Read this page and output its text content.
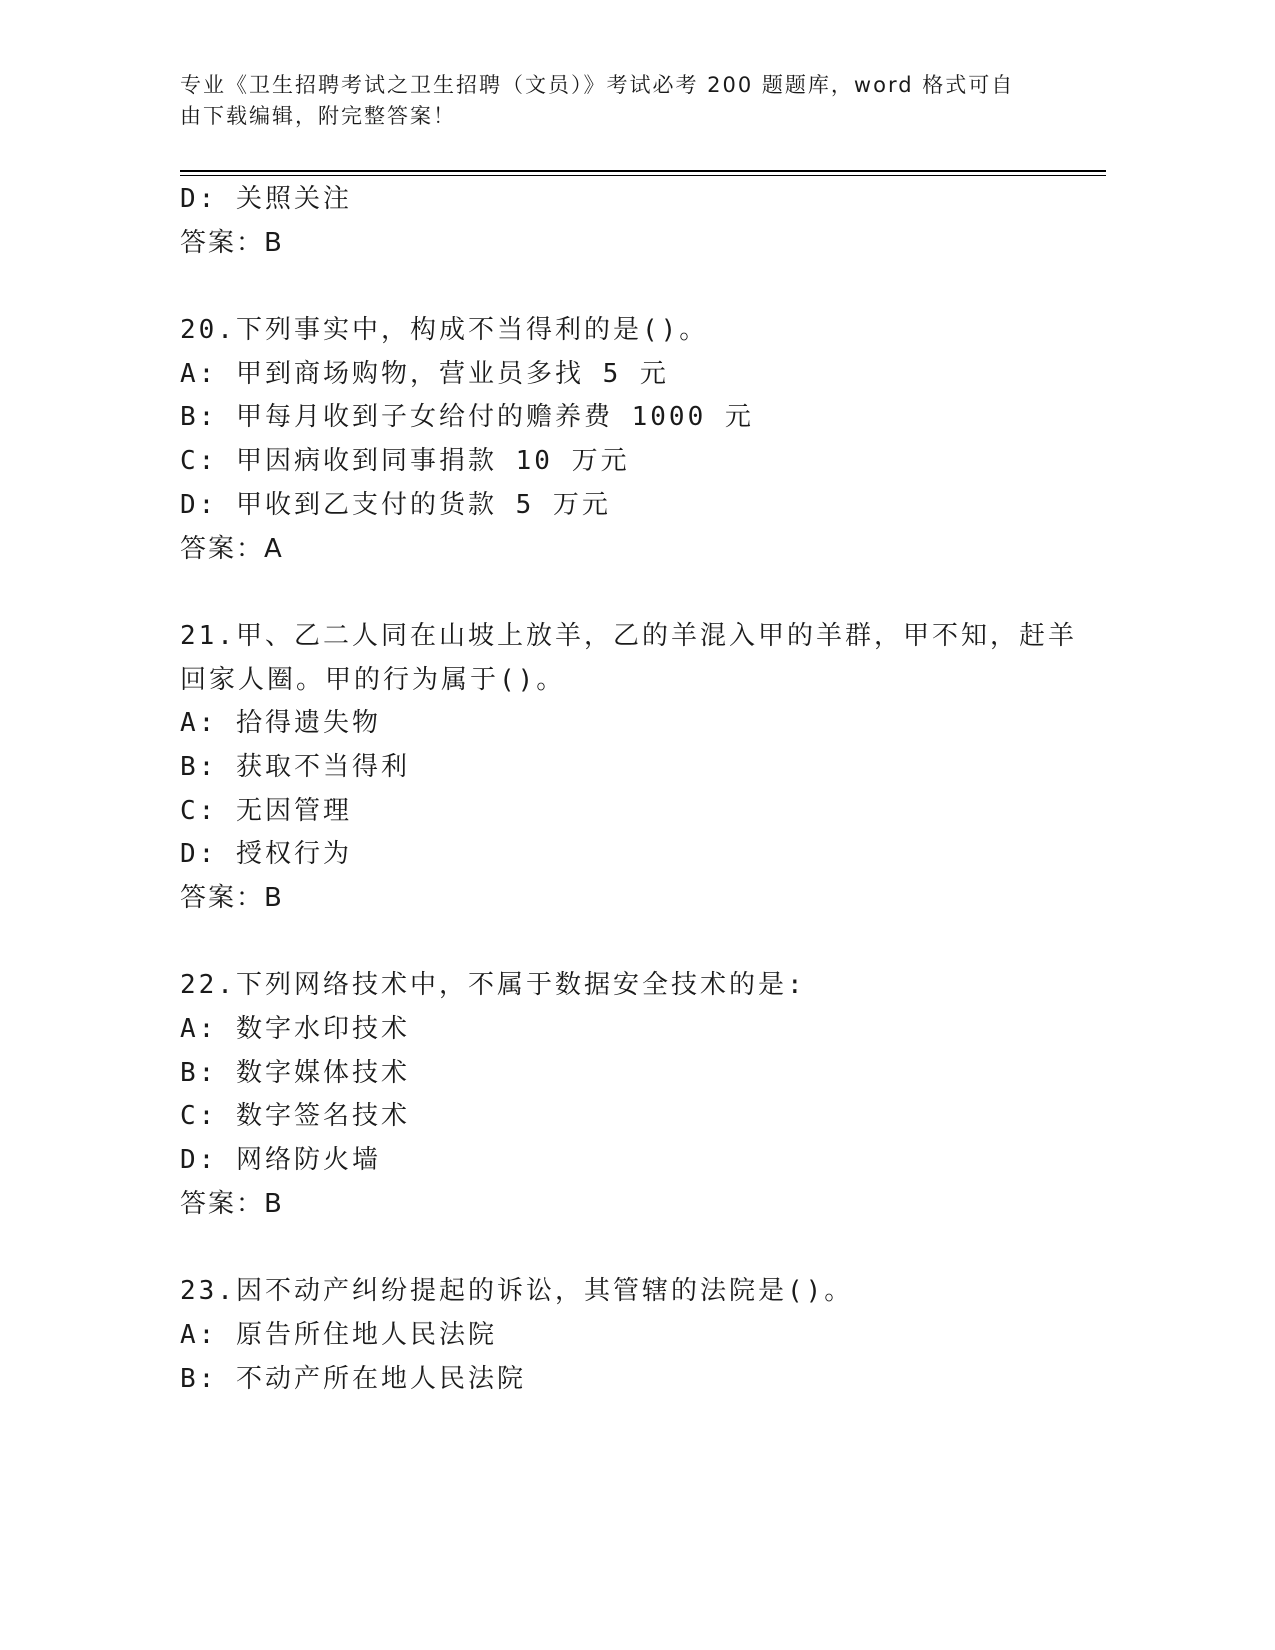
专业《卫生招聘考试之卫生招聘（文员）》考试必考 200 题题库，word 格式可自
由下载编辑，附完整答案！
D: 关照关注
答案：B
20.下列事实中，构成不当得利的是()。
A: 甲到商场购物，营业员多找 5 元
B: 甲每月收到子女给付的赡养费 1000 元
C: 甲因病收到同事捐款 10 万元
D: 甲收到乙支付的货款 5 万元
答案：A
21.甲、乙二人同在山坡上放羊，乙的羊混入甲的羊群，甲不知，赶羊
回家人圈。甲的行为属于()。
A: 拾得遗失物
B: 获取不当得利
C: 无因管理
D: 授权行为
答案：B
22.下列网络技术中，不属于数据安全技术的是:
A: 数字水印技术
B: 数字媒体技术
C: 数字签名技术
D: 网络防火墙
答案：B
23.因不动产纠纷提起的诉讼，其管辖的法院是()。
A: 原告所住地人民法院
B: 不动产所在地人民法院
